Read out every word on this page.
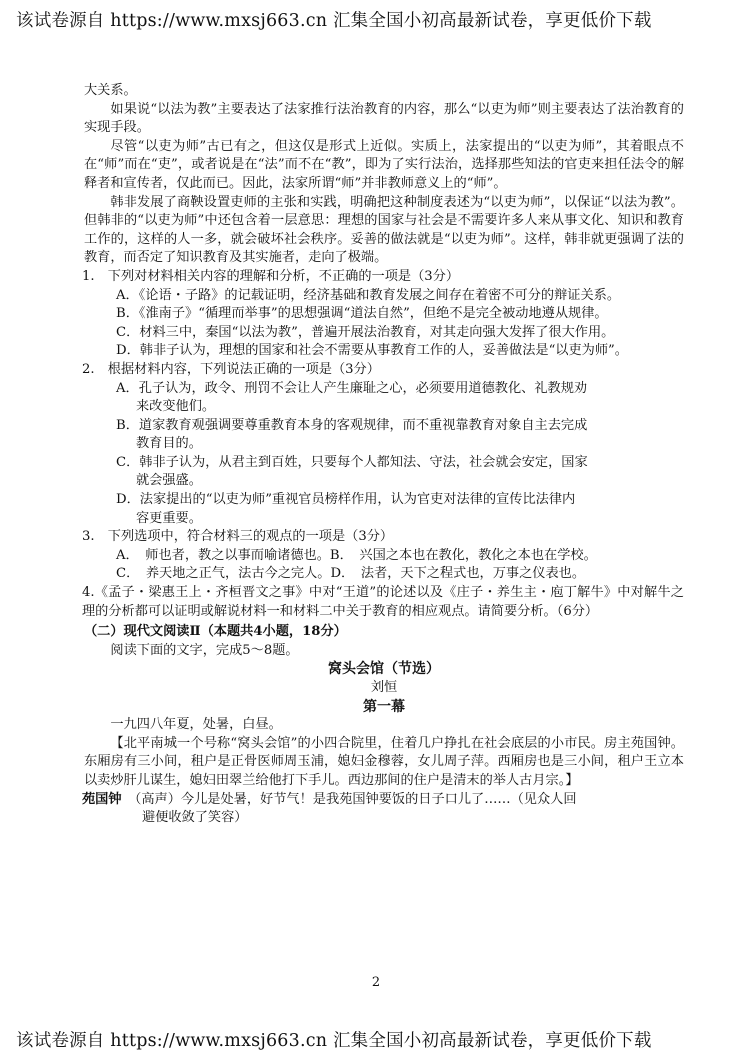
该试卷源自 https://www.mxsj663.cn 汇集全国小初高最新试卷，享更低价下载

大关系。

如果说“以法为教”主要表达了法家推行法治教育的内容，那么“以吏为师”则主要表达了法治教育的实现手段。

尽管“以吏为师”古已有之，但这仅是形式上近似。实质上，法家提出的“以吏为师”，其着眼点不在“师”而在“吏”，或者说是在“法”而不在“教”，即为了实行法治，选择那些知法的官吏来担任法令的解释者和宣传者，仅此而已。因此，法家所谓“师”并非教师意义上的“师”。

韩非发展了商鞅设置吏师的主张和实践，明确把这种制度表述为“以吏为师”，以保证“以法为教”。但韩非的“以吏为师”中还包含着一层意思：理想的国家与社会是不需要许多人来从事文化、知识和教育工作的，这样的人一多，就会破坏社会秩序。妥善的做法就是“以吏为师”。这样，韩非就更强调了法的教育，而否定了知识教育及其实施者，走向了极端。

1.　下列对材料相关内容的理解和分析，不正确的一项是（3分）

A．《论语・子路》的记载证明，经济基础和教育发展之间存在着密不可分的辩证关系。

B．《淮南子》“循理而举事”的思想强调“道法自然”，但绝不是完全被动地遵从规律。

C．材料三中，秦国“以法为教”，普遍开展法治教育，对其走向强大发挥了很大作用。

D．韩非子认为，理想的国家和社会不需要从事教育工作的人，妥善做法是“以吏为师”。

2.　根据材料内容，下列说法正确的一项是（3分）

A．孔子认为，政令、刑罚不会让人产生廉耻之心，必须要用道德教化、礼教规劝

来改变他们。

B．道家教育观强调要尊重教育本身的客观规律，而不重视靠教育对象自主去完成

教育目的。

C．韩非子认为，从君主到百姓，只要每个人都知法、守法，社会就会安定，国家

就会强盛。

D．法家提出的“以吏为师”重视官员榜样作用，认为官吏对法律的宣传比法律内

容更重要。

3.　下列选项中，符合材料三的观点的一项是（3分）

A．　师也者，教之以事而喻诸德也。B．　兴国之本也在教化，教化之本也在学校。

C．　养天地之正气，法古今之完人。D．　法者，天下之程式也，万事之仪表也。

4.《孟子・梁惠王上・齐桓晋文之事》中对“王道”的论述以及《庄子・养生主・庖丁解牛》中对解牛之理的分析都可以证明或解说材料一和材料二中关于教育的相应观点。请简要分析。（6分）

（二）现代文阅读Ⅱ（本题共4小题，18分）

阅读下面的文字，完成5～8题。

窝头会馆（节选）

刘恒

第一幕

一九四八年夏，处暑，白昼。

【北平南城一个号称“窝头会馆”的小四合院里，住着几户挣扎在社会底层的小市民。房主苑国钟。东厢房有三小间，租户是正骨医师周玉浦，媳妇金穆蓉，女儿周子萍。西厢房也是三小间，租户王立本以卖炒肝儿谋生，媳妇田翠兰给他打下手儿。西边那间的住户是清末的举人古月宗。】

苑国钟　（高声）今儿是处暑，好节气！是我苑国钟要饭的日子口儿了……（见众人回

避便收敛了笑容）

2
该试卷源自 https://www.mxsj663.cn 汇集全国小初高最新试卷，享更低价下载
